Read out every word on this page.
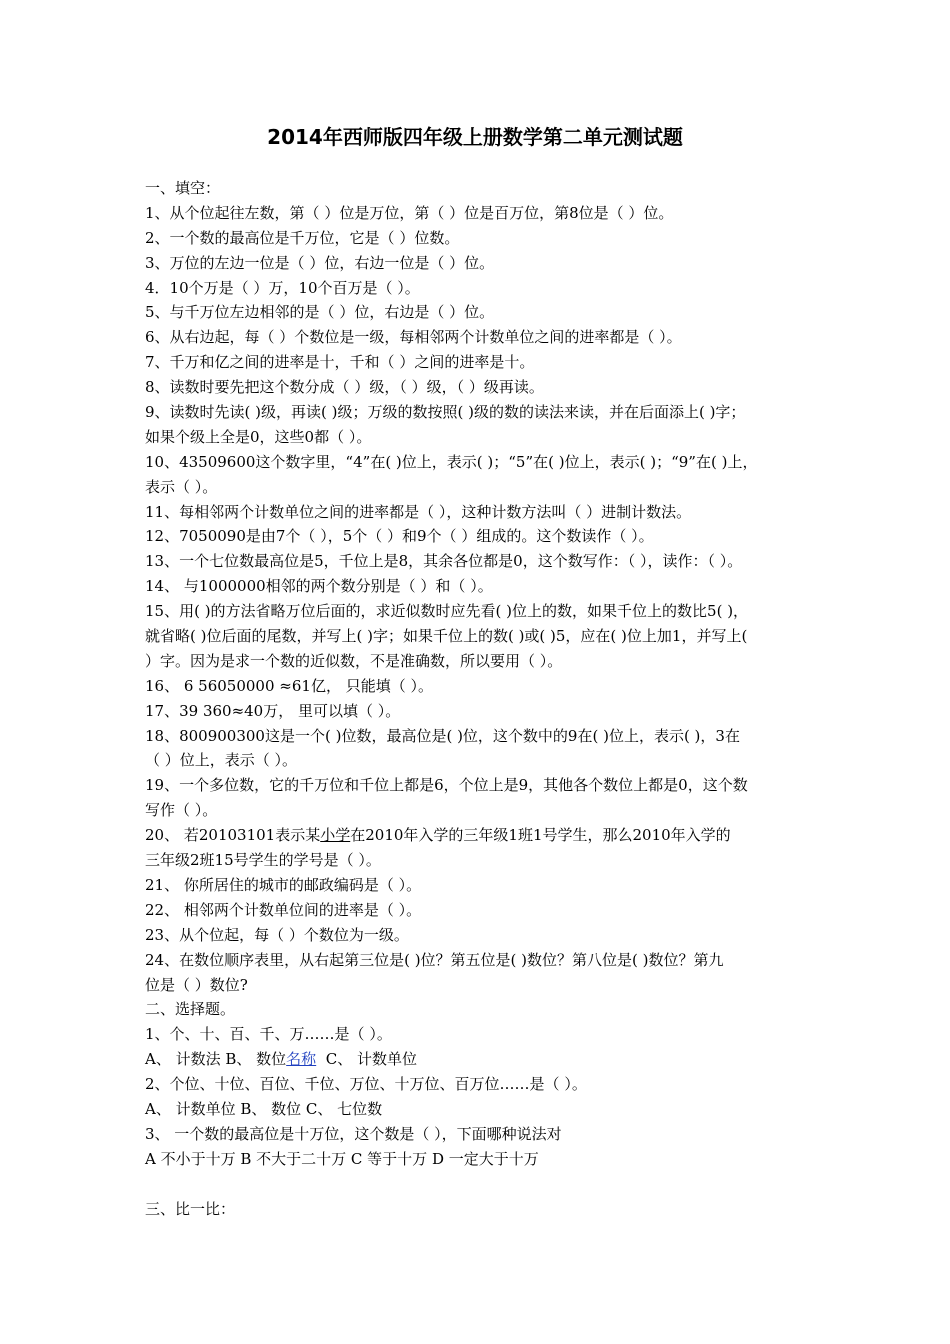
2014年西师版四年级上册数学第二单元测试题
一、填空：
1、从个位起往左数，第（ ）位是万位，第（ ）位是百万位，第8位是（ ）位。
2、一个数的最高位是千万位，它是（ ）位数。
3、万位的左边一位是（ ）位，右边一位是（ ）位。
4．10个万是（ ）万，10个百万是（ ）。
5、与千万位左边相邻的是（ ）位，右边是（ ）位。
6、从右边起，每（ ）个数位是一级，每相邻两个计数单位之间的进率都是（ ）。
7、千万和亿之间的进率是十，千和（ ）之间的进率是十。
8、读数时要先把这个数分成（ ）级，（ ）级，（ ）级再读。
9、读数时先读( )级，再读( )级；万级的数按照( )级的数的读法来读，并在后面添上( )字；
如果个级上全是0，这些0都（ ）。
10、43509600这个数字里，“4”在( )位上，表示( )；“5”在( )位上，表示( )；“9”在( )上，
表示（ ）。
11、每相邻两个计数单位之间的进率都是（ ），这种计数方法叫（ ）进制计数法。
12、7050090是由7个（ ），5个（ ）和9个（ ）组成的。这个数读作（ ）。
13、一个七位数最高位是5，千位上是8，其余各位都是0，这个数写作：（ ），读作：（ ）。
14、 与1000000相邻的两个数分别是（ ）和（ ）。
15、用( )的方法省略万位后面的，求近似数时应先看( )位上的数，如果千位上的数比5( )，
就省略( )位后面的尾数，并写上( )字；如果千位上的数( )或( )5，应在( )位上加1，并写上(
）字。因为是求一个数的近似数，不是准确数，所以要用（ ）。
16、 6 56050000 ≈61亿， 只能填（ ）。
17、39 360≈40万， 里可以填（ ）。
18、800900300这是一个( )位数，最高位是( )位，这个数中的9在( )位上，表示( )，3在
（ ）位上，表示（ ）。
19、一个多位数，它的千万位和千位上都是6，个位上是9，其他各个数位上都是0，这个数
写作（ ）。
20、 若20103101表示某小学在2010年入学的三年级1班1号学生，那么2010年入学的
三年级2班15号学生的学号是（ ）。
21、 你所居住的城市的邮政编码是（ ）。
22、 相邻两个计数单位间的进率是（ ）。
23、从个位起，每（ ）个数位为一级。
24、在数位顺序表里，从右起第三位是( )位？第五位是( )数位？第八位是( )数位？第九
位是（ ）数位?
二、选择题。
1、个、十、百、千、万……是（ ）。
A、 计数法 B、 数位名称  C、 计数单位
2、个位、十位、百位、千位、万位、十万位、百万位……是（ ）。
A、 计数单位 B、 数位 C、 七位数
3、 一个数的最高位是十万位，这个数是（ ），下面哪种说法对
A 不小于十万 B 不大于二十万 C 等于十万 D 一定大于十万
三、比一比：
